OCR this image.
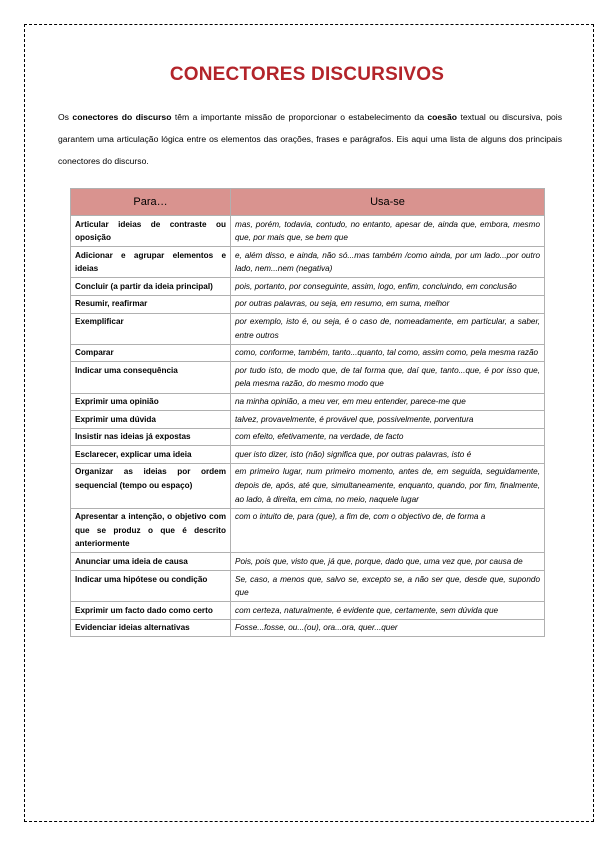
CONECTORES DISCURSIVOS

Os conectores do discurso têm a importante missão de proporcionar o estabelecimento da coesão textual ou discursiva, pois garantem uma articulação lógica entre os elementos das orações, frases e parágrafos. Eis aqui uma lista de alguns dos principais conectores do discurso.

Para…	Usa-se
Articular ideias de contraste ou oposição	mas, porém, todavia, contudo, no entanto, apesar de, ainda que, embora, mesmo que, por mais que, se bem que
Adicionar e agrupar elementos e ideias	e, além disso, e ainda, não só...mas também /como ainda, por um lado...por outro lado, nem...nem (negativa)
Concluir (a partir da ideia principal)	pois, portanto, por conseguinte, assim, logo, enfim, concluindo, em conclusão
Resumir, reafirmar	por outras palavras, ou seja, em resumo, em suma, melhor
Exemplificar	por exemplo, isto é, ou seja, é o caso de, nomeadamente, em particular, a saber, entre outros
Comparar	como, conforme, também, tanto...quanto, tal como, assim como, pela mesma razão
Indicar uma consequência	por tudo isto, de modo que, de tal forma que, daí que, tanto...que, é por isso que, pela mesma razão, do mesmo modo que
Exprimir uma opinião	na minha opinião, a meu ver, em meu entender, parece-me que
Exprimir uma dúvida	talvez, provavelmente, é provável que, possivelmente, porventura
Insistir nas ideias já expostas	com efeito, efetivamente, na verdade, de facto
Esclarecer, explicar uma ideia	quer isto dizer, isto (não) significa que, por outras palavras, isto é
Organizar as ideias por ordem sequencial (tempo ou espaço)	em primeiro lugar, num primeiro momento, antes de, em seguida, seguidamente, depois de, após, até que, simultaneamente, enquanto, quando, por fim, finalmente, ao lado, à direita, em cima, no meio, naquele lugar
Apresentar a intenção, o objetivo com que se produz o que é descrito anteriormente	com o intuito de, para (que), a fim de, com o objectivo de, de forma a
Anunciar uma ideia de causa	Pois, pois que, visto que, já que, porque, dado que, uma vez que, por causa de
Indicar uma hipótese ou condição	Se, caso, a menos que, salvo se, excepto se, a não ser que, desde que, supondo que
Exprimir um facto dado como certo	com certeza, naturalmente, é evidente que, certamente, sem dúvida que
Evidenciar ideias alternativas	Fosse...fosse, ou...(ou), ora...ora, quer...quer
